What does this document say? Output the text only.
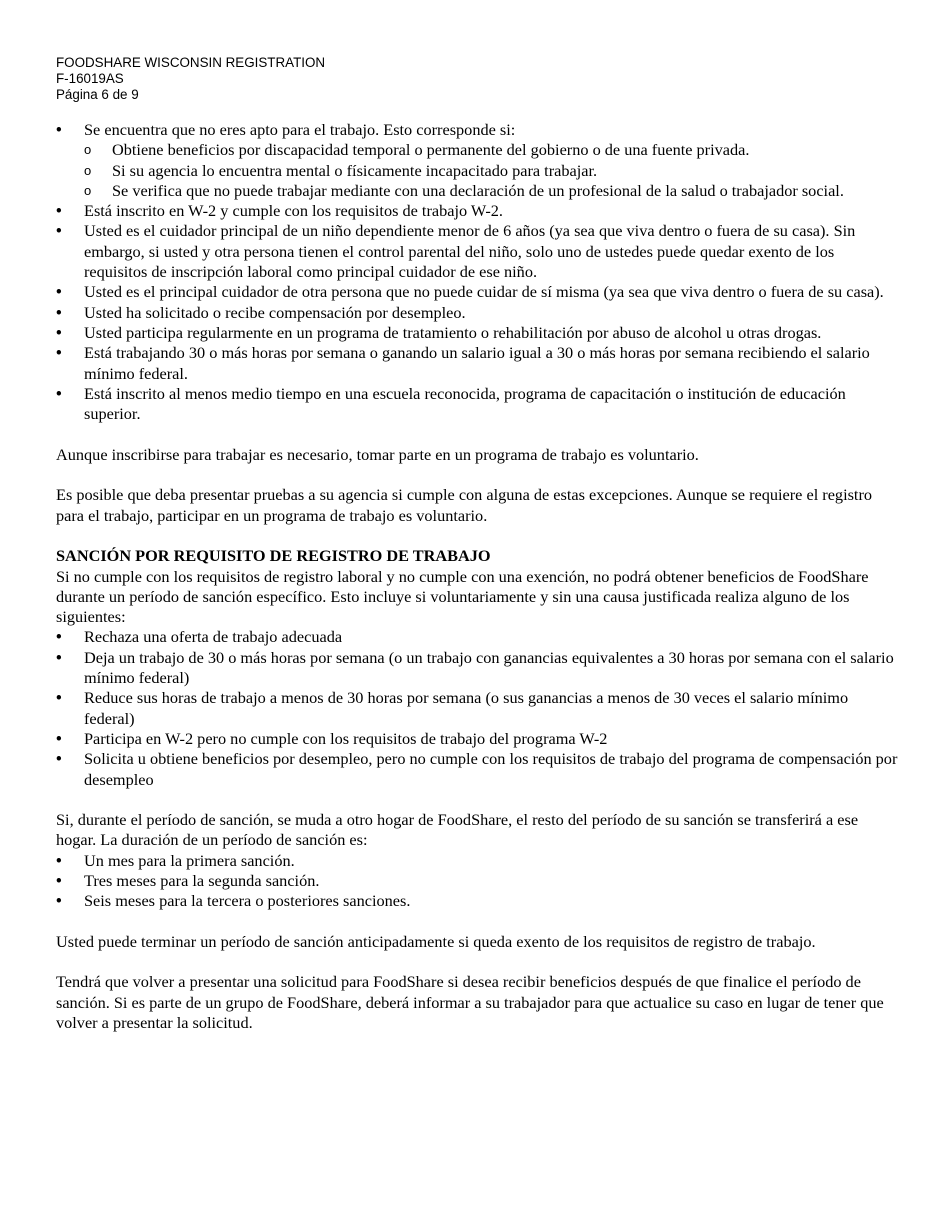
FOODSHARE WISCONSIN REGISTRATION
F-16019AS
Página 6 de 9
• Se encuentra que no eres apto para el trabajo. Esto corresponde si:
o Obtiene beneficios por discapacidad temporal o permanente del gobierno o de una fuente privada.
o Si su agencia lo encuentra mental o físicamente incapacitado para trabajar.
o Se verifica que no puede trabajar mediante con una declaración de un profesional de la salud o trabajador social.
• Está inscrito en W-2 y cumple con los requisitos de trabajo W-2.
• Usted es el cuidador principal de un niño dependiente menor de 6 años (ya sea que viva dentro o fuera de su casa). Sin embargo, si usted y otra persona tienen el control parental del niño, solo uno de ustedes puede quedar exento de los requisitos de inscripción laboral como principal cuidador de ese niño.
• Usted es el principal cuidador de otra persona que no puede cuidar de sí misma (ya sea que viva dentro o fuera de su casa).
• Usted ha solicitado o recibe compensación por desempleo.
• Usted participa regularmente en un programa de tratamiento o rehabilitación por abuso de alcohol u otras drogas.
• Está trabajando 30 o más horas por semana o ganando un salario igual a 30 o más horas por semana recibiendo el salario mínimo federal.
• Está inscrito al menos medio tiempo en una escuela reconocida, programa de capacitación o institución de educación superior.

Aunque inscribirse para trabajar es necesario, tomar parte en un programa de trabajo es voluntario.

Es posible que deba presentar pruebas a su agencia si cumple con alguna de estas excepciones. Aunque se requiere el registro para el trabajo, participar en un programa de trabajo es voluntario.

SANCIÓN POR REQUISITO DE REGISTRO DE TRABAJO

Si no cumple con los requisitos de registro laboral y no cumple con una exención, no podrá obtener beneficios de FoodShare durante un período de sanción específico. Esto incluye si voluntariamente y sin una causa justificada realiza alguno de los siguientes:

• Rechaza una oferta de trabajo adecuada
• Deja un trabajo de 30 o más horas por semana (o un trabajo con ganancias equivalentes a 30 horas por semana con el salario mínimo federal)
• Reduce sus horas de trabajo a menos de 30 horas por semana (o sus ganancias a menos de 30 veces el salario mínimo federal)
• Participa en W-2 pero no cumple con los requisitos de trabajo del programa W-2
• Solicita u obtiene beneficios por desempleo, pero no cumple con los requisitos de trabajo del programa de compensación por desempleo

Si, durante el período de sanción, se muda a otro hogar de FoodShare, el resto del período de su sanción se transferirá a ese hogar. La duración de un período de sanción es:

• Un mes para la primera sanción.
• Tres meses para la segunda sanción.
• Seis meses para la tercera o posteriores sanciones.

Usted puede terminar un período de sanción anticipadamente si queda exento de los requisitos de registro de trabajo.

Tendrá que volver a presentar una solicitud para FoodShare si desea recibir beneficios después de que finalice el período de sanción. Si es parte de un grupo de FoodShare, deberá informar a su trabajador para que actualice su caso en lugar de tener que volver a presentar la solicitud.
